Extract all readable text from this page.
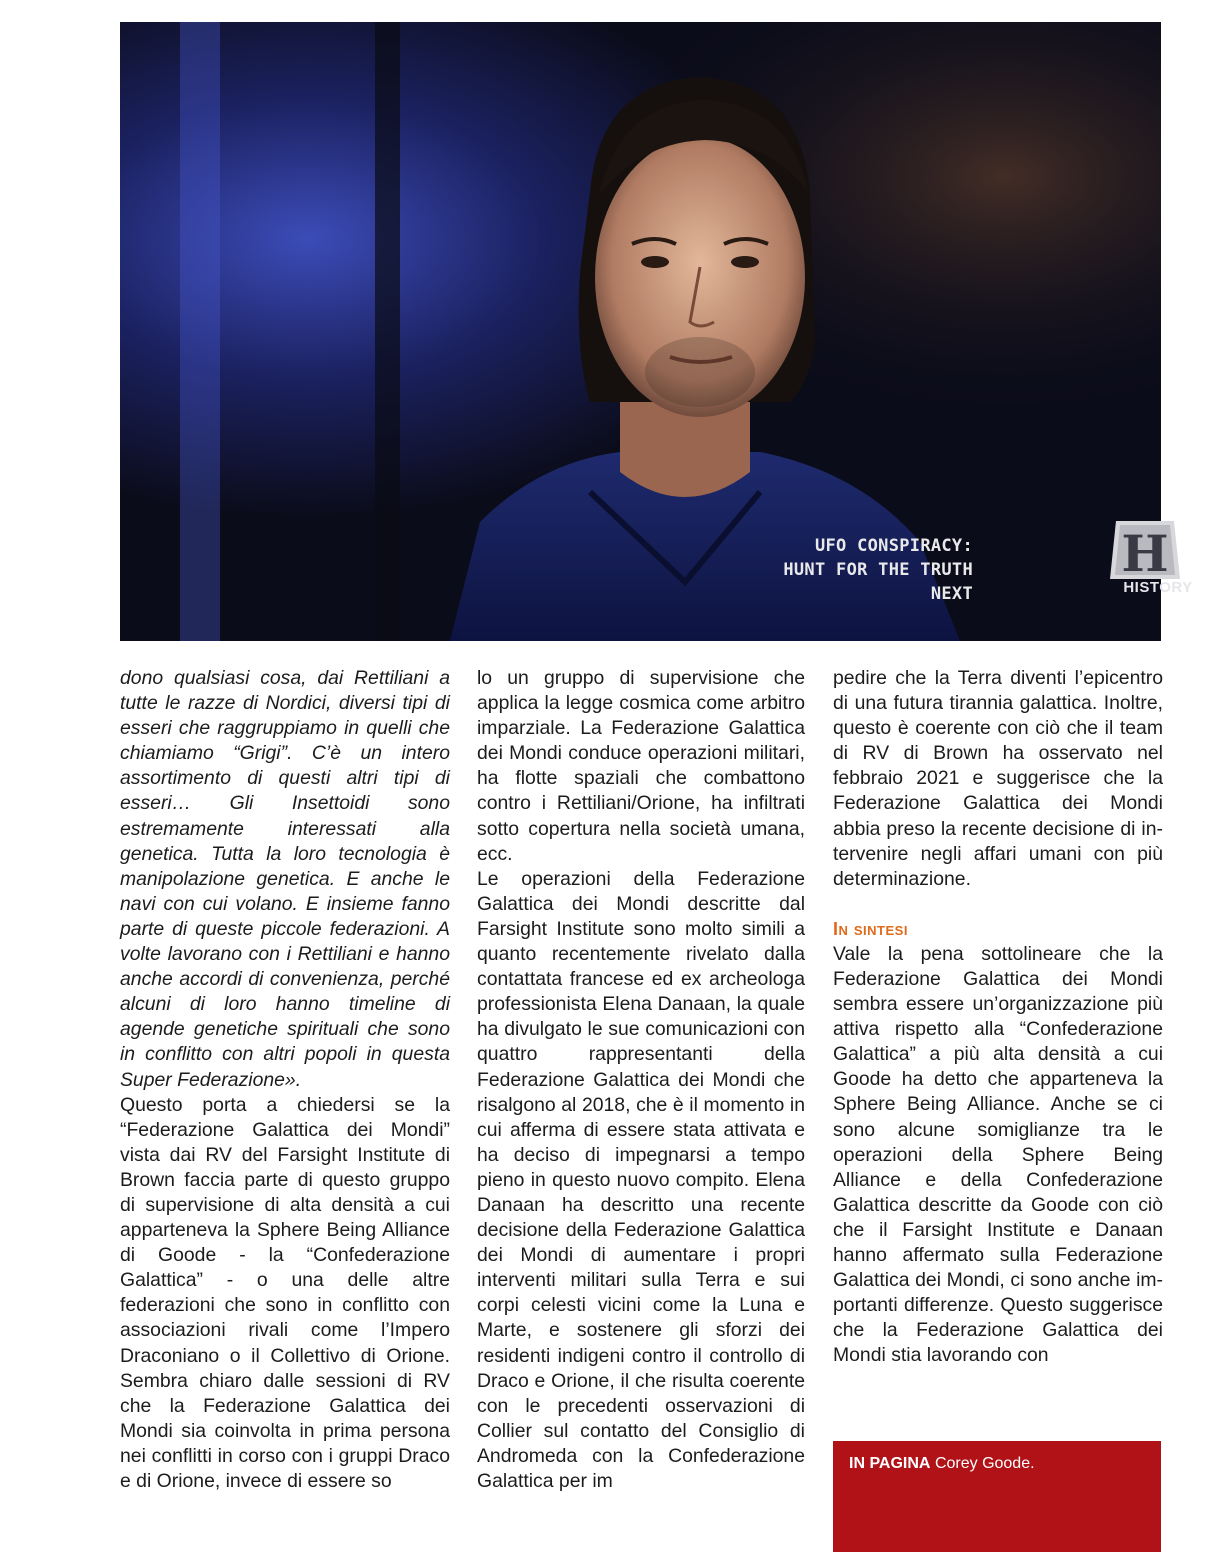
UFO CONSPIRACY:
HUNT FOR THE TRUTH
NEXT
H
HISTORY

dono qualsiasi cosa, dai Rettiliani a tutte le razze di Nordici, diversi tipi di esseri che raggruppiamo in quelli che chiamiamo “Grigi”. C’è un intero assortimento di questi altri tipi di esseri… Gli Insettoidi sono estremamente interessati alla genetica. Tutta la loro tecnologia è manipolazione genetica. E anche le navi con cui volano. E insieme fanno parte di queste piccole federazioni. A volte lavorano con i Rettiliani e hanno anche accordi di convenienza, perché alcuni di loro hanno timeline di agende genetiche spirituali che sono in conflitto con altri popoli in questa Super Federazione».

Questo porta a chiedersi se la “Federazione Galattica dei Mondi” vista dai RV del Farsight Institute di Brown faccia parte di questo gruppo di supervisione di alta densità a cui apparteneva la Sphere Being Alliance di Goode - la “Confederazione Galattica” - o una delle altre federazioni che sono in conflitto con associazioni rivali come l’Impero Draconiano o il Collettivo di Orione. Sembra chiaro dalle sessioni di RV che la Federazione Galattica dei Mondi sia coinvolta in prima persona nei conflitti in corso con i gruppi Draco e di Orione, invece di essere so

lo un gruppo di supervisione che applica la legge cosmica come arbitro imparziale. La Federazione Galattica dei Mondi conduce operazioni militari, ha flotte spaziali che combattono contro i Rettiliani/Orione, ha infiltrati sotto copertura nella società umana, ecc.

Le operazioni della Federazione Galattica dei Mondi descritte dal Farsight Institute sono molto simili a quanto recentemente rivelato dalla contattata francese ed ex archeologa professionista Elena Danaan, la quale ha divulgato le sue comunicazioni con quattro rappresentanti della Federazione Galattica dei Mondi che risalgono al 2018, che è il momento in cui afferma di essere stata attivata e ha deciso di impegnarsi a tempo pieno in questo nuovo compito. Elena Danaan ha descritto una recente decisione della Federazione Galattica dei Mondi di aumentare i propri interventi militari sulla Terra e sui corpi celesti vicini come la Luna e Marte, e sostenere gli sforzi dei residenti indigeni contro il controllo di Draco e Orione, il che risulta coerente con le precedenti osservazioni di Collier sul contatto del Consiglio di Andromeda con la Confederazione Galattica per im

pedire che la Terra diventi l’epicentro di una futura tirannia galattica. Inoltre, questo è coerente con ciò che il team di RV di Brown ha osservato nel febbraio 2021 e suggerisce che la Federazione Galattica dei Mondi abbia preso la recente decisione di intervenire negli affari umani con più determinazione.

In sintesi

Vale la pena sottolineare che la Federazione Galattica dei Mondi sembra essere un’organizzazione più attiva rispetto alla “Confederazione Galattica” a più alta densità a cui Goode ha detto che apparteneva la Sphere Being Alliance. Anche se ci sono alcune somiglianze tra le operazioni della Sphere Being Alliance e della Confederazione Galattica descritte da Goode con ciò che il Farsight Institute e Danaan hanno affermato sulla Federazione Galattica dei Mondi, ci sono anche importanti differenze. Questo suggerisce che la Federazione Galattica dei Mondi stia lavorando con

IN PAGINA Corey Goode.
